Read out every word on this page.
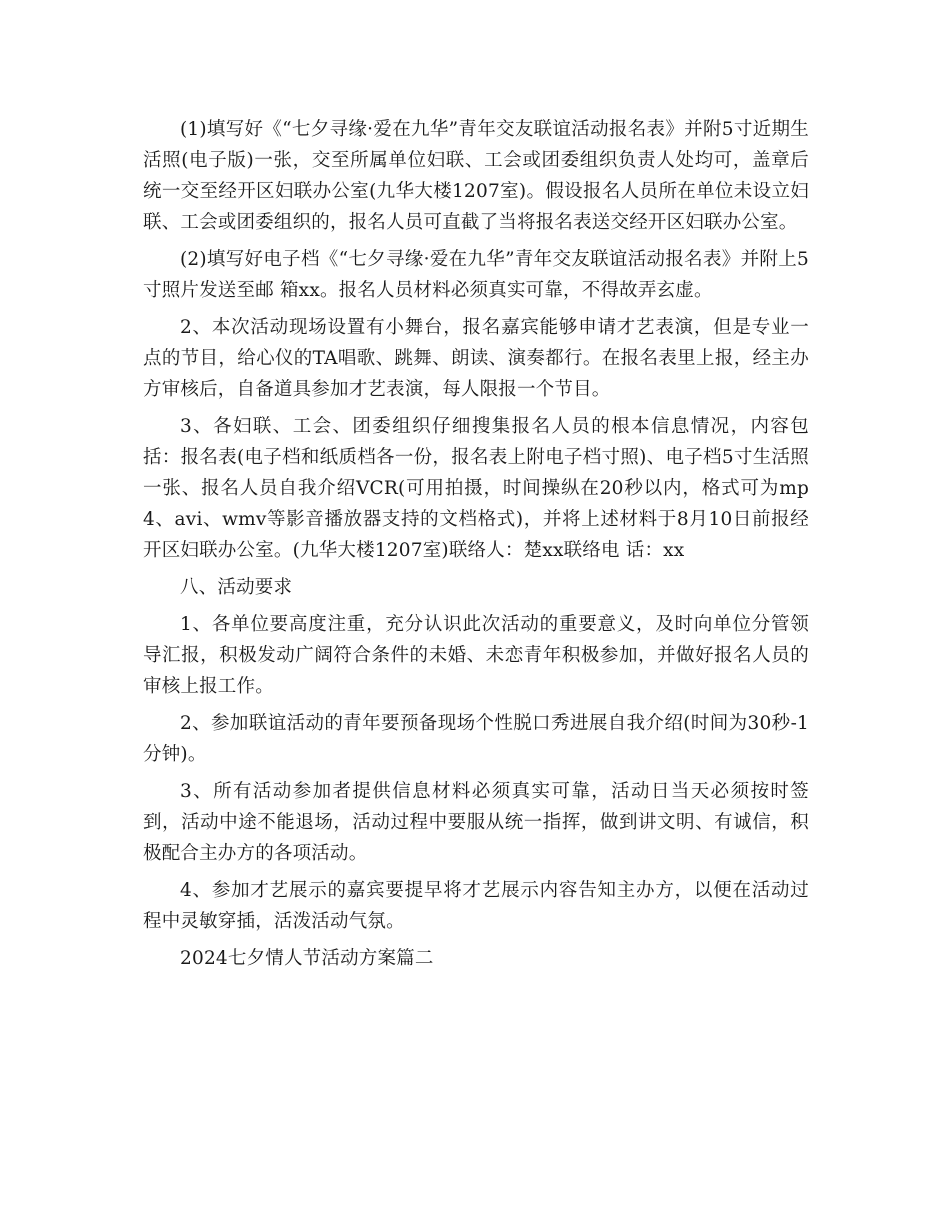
(1)填写好《“七夕寻缘·爱在九华”青年交友联谊活动报名表》并附5寸近期生活照(电子版)一张，交至所属单位妇联、工会或团委组织负责人处均可，盖章后统一交至经开区妇联办公室(九华大楼1207室)。假设报名人员所在单位未设立妇联、工会或团委组织的，报名人员可直截了当将报名表送交经开区妇联办公室。

(2)填写好电子档《“七夕寻缘·爱在九华”青年交友联谊活动报名表》并附上5寸照片发送至邮 箱xx。报名人员材料必须真实可靠，不得故弄玄虚。

2、本次活动现场设置有小舞台，报名嘉宾能够申请才艺表演，但是专业一点的节目，给心仪的TA唱歌、跳舞、朗读、演奏都行。在报名表里上报，经主办方审核后，自备道具参加才艺表演，每人限报一个节目。

3、各妇联、工会、团委组织仔细搜集报名人员的根本信息情况，内容包括：报名表(电子档和纸质档各一份，报名表上附电子档寸照)、电子档5寸生活照一张、报名人员自我介绍VCR(可用拍摄，时间操纵在20秒以内，格式可为mp4、avi、wmv等影音播放器支持的文档格式)，并将上述材料于8月10日前报经开区妇联办公室。(九华大楼1207室)联络人：楚xx联络电 话：xx

八、活动要求

1、各单位要高度注重，充分认识此次活动的重要意义，及时向单位分管领导汇报，积极发动广阔符合条件的未婚、未恋青年积极参加，并做好报名人员的审核上报工作。

2、参加联谊活动的青年要预备现场个性脱口秀进展自我介绍(时间为30秒-1分钟)。

3、所有活动参加者提供信息材料必须真实可靠，活动日当天必须按时签到，活动中途不能退场，活动过程中要服从统一指挥，做到讲文明、有诚信，积极配合主办方的各项活动。

4、参加才艺展示的嘉宾要提早将才艺展示内容告知主办方，以便在活动过程中灵敏穿插，活泼活动气氛。

2024七夕情人节活动方案篇二
